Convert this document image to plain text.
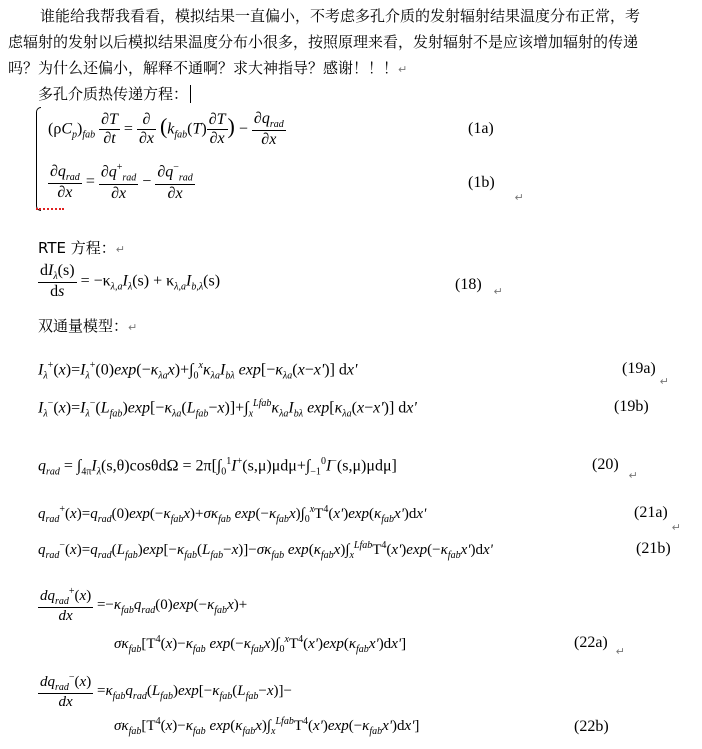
谁能给我帮我看看，模拟结果一直偏小，不考虑多孔介质的发射辐射结果温度分布正常，考
虑辐射的发射以后模拟结果温度分布小很多，按照原理来看，发射辐射不是应该增加辐射的传递
吗？为什么还偏小，解释不通啊？求大神指导？感谢！！！↵
多孔介质热传递方程：
$(\rho C_p)_{fab} \frac{\partial T}{\partial t} = \frac{\partial}{\partial x} (k_{fab}(T) \frac{\partial T}{\partial x}$ ) − $\frac{\partial q_{rad}}{\partial x}$	(1a)
$\frac{\partial q_{rad}}{\partial x} = \frac{\partial q^+_{rad}}{\partial x} - \frac{\partial q^-_{rad}}{\partial x}$	(1b) $_↵$
RTE 方程：↵
$\frac{dI_\lambda(s)}{ds} = -\kappa_{\lambda,a}I_\lambda(s) + \kappa_{\lambda,a}I_{b,\lambda}(s)$	(18) $_↵$
双通量模型：↵
$I_\lambda^+(x)=I_\lambda^+(0)\exp(-\kappa_{\lambda a}x)+\int_0^x\kappa_{\lambda a}I_{b\lambda}$ $\exp[-\kappa_{\lambda a}(x-x')]$ dx'	(19a) $_↵$
$I_\lambda^-(x)=I_\lambda^-(L_{fab})\exp[-\kappa_{\lambda a}(L_{fab}-x)]+\int_x^{Lfab}\kappa_{\lambda a}I_{b\lambda}$ $\exp[\kappa_{\lambda a}(x-x')]$ dx'	(19b)
$q_{rad} = \int_{4\pi}I_\lambda(s,\theta)\cos\theta d\Omega = 2\pi[\int_0^1I^+(s,\mu)\mu d\mu+\int_{-1}^0I^-(s,\mu)\mu d\mu]$	(20) $_↵$
$q_{rad}^+(x)=q_{rad}(0)\exp(-\kappa_{fab}x)+\sigma\kappa_{fab}$ $\exp(-\kappa_{fab}x)\int_0^xT^4(x')\exp(\kappa_{fab}x')dx'$	(21a) $_↵$
$q_{rad}^-(x)=q_{rad}(L_{fab})\exp[-\kappa_{fab}(L_{fab}-x)]-\sigma\kappa_{fab}$ $\exp(\kappa_{fab}x)\int_x^{Lfab}T^4(x')\exp(-\kappa_{fab}x')dx'$	(21b)
$\frac{dq_{rad}^+(x)}{dx} =-\kappa_{fab}q_{rad}(0)\exp(-\kappa_{fab}x)+$
$\sigma\kappa_{fab}[T^4(x)-\kappa_{fab}$ $\exp(-\kappa_{fab}x)\int_0^xT^4(x')\exp(\kappa_{fab}x')dx'$]	(22a) $_↵$
$\frac{dq_{rad}^-(x)}{dx} =\kappa_{fab}q_{rad}(L_{fab})\exp[-\kappa_{fab}(L_{fab}-x)]-$
$\sigma\kappa_{fab}[T^4(x)-\kappa_{fab}$ $\exp(\kappa_{fab}x)\int_x^{Lfab}T^4(x')\exp(-\kappa_{fab}x')dx'$]	(22b)
